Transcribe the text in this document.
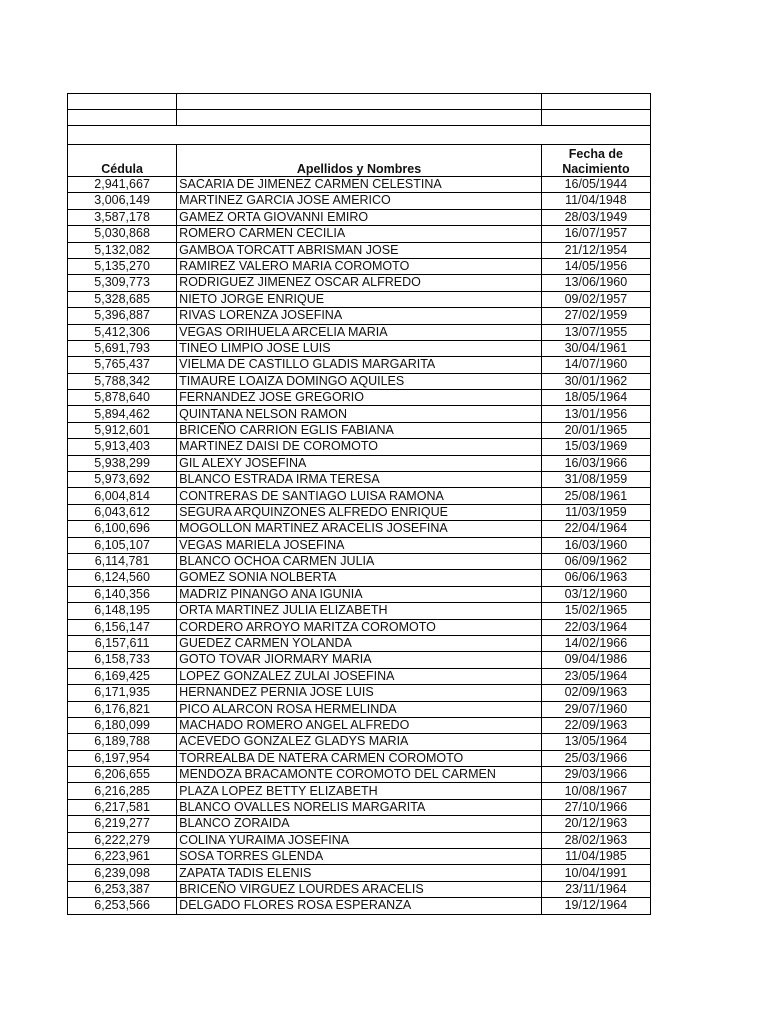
Cédula	Apellidos y Nombres	Fecha de
Nacimiento
2,941,667	SACARIA DE JIMENEZ CARMEN CELESTINA	16/05/1944
3,006,149	MARTINEZ GARCIA JOSE AMERICO	11/04/1948
3,587,178	GAMEZ ORTA GIOVANNI EMIRO	28/03/1949
5,030,868	ROMERO CARMEN CECILIA	16/07/1957
5,132,082	GAMBOA TORCATT ABRISMAN JOSE	21/12/1954
5,135,270	RAMIREZ VALERO MARIA COROMOTO	14/05/1956
5,309,773	RODRIGUEZ JIMENEZ OSCAR ALFREDO	13/06/1960
5,328,685	NIETO JORGE ENRIQUE	09/02/1957
5,396,887	RIVAS LORENZA JOSEFINA	27/02/1959
5,412,306	VEGAS ORIHUELA ARCELIA MARIA	13/07/1955
5,691,793	TINEO LIMPIO JOSE LUIS	30/04/1961
5,765,437	VIELMA DE CASTILLO GLADIS MARGARITA	14/07/1960
5,788,342	TIMAURE LOAIZA DOMINGO AQUILES	30/01/1962
5,878,640	FERNANDEZ JOSE GREGORIO	18/05/1964
5,894,462	QUINTANA NELSON RAMON	13/01/1956
5,912,601	BRICEÑO CARRION EGLIS FABIANA	20/01/1965
5,913,403	MARTINEZ DAISI DE COROMOTO	15/03/1969
5,938,299	GIL ALEXY JOSEFINA	16/03/1966
5,973,692	BLANCO ESTRADA IRMA TERESA	31/08/1959
6,004,814	CONTRERAS DE SANTIAGO LUISA RAMONA	25/08/1961
6,043,612	SEGURA ARQUINZONES ALFREDO ENRIQUE	11/03/1959
6,100,696	MOGOLLON MARTINEZ ARACELIS JOSEFINA	22/04/1964
6,105,107	VEGAS MARIELA JOSEFINA	16/03/1960
6,114,781	BLANCO OCHOA CARMEN JULIA	06/09/1962
6,124,560	GOMEZ SONIA NOLBERTA	06/06/1963
6,140,356	MADRIZ PINANGO ANA IGUNIA	03/12/1960
6,148,195	ORTA MARTINEZ JULIA ELIZABETH	15/02/1965
6,156,147	CORDERO ARROYO MARITZA COROMOTO	22/03/1964
6,157,611	GUEDEZ CARMEN YOLANDA	14/02/1966
6,158,733	GOTO TOVAR JIORMARY MARIA	09/04/1986
6,169,425	LOPEZ GONZALEZ ZULAI JOSEFINA	23/05/1964
6,171,935	HERNANDEZ PERNIA JOSE LUIS	02/09/1963
6,176,821	PICO ALARCON ROSA HERMELINDA	29/07/1960
6,180,099	MACHADO ROMERO ANGEL ALFREDO	22/09/1963
6,189,788	ACEVEDO GONZALEZ GLADYS MARIA	13/05/1964
6,197,954	TORREALBA DE NATERA CARMEN COROMOTO	25/03/1966
6,206,655	MENDOZA BRACAMONTE COROMOTO DEL CARMEN	29/03/1966
6,216,285	PLAZA LOPEZ BETTY ELIZABETH	10/08/1967
6,217,581	BLANCO OVALLES NORELIS MARGARITA	27/10/1966
6,219,277	BLANCO ZORAIDA	20/12/1963
6,222,279	COLINA YURAIMA JOSEFINA	28/02/1963
6,223,961	SOSA TORRES GLENDA	11/04/1985
6,239,098	ZAPATA TADIS ELENIS	10/04/1991
6,253,387	BRICEÑO VIRGUEZ LOURDES ARACELIS	23/11/1964
6,253,566	DELGADO FLORES ROSA ESPERANZA	19/12/1964
